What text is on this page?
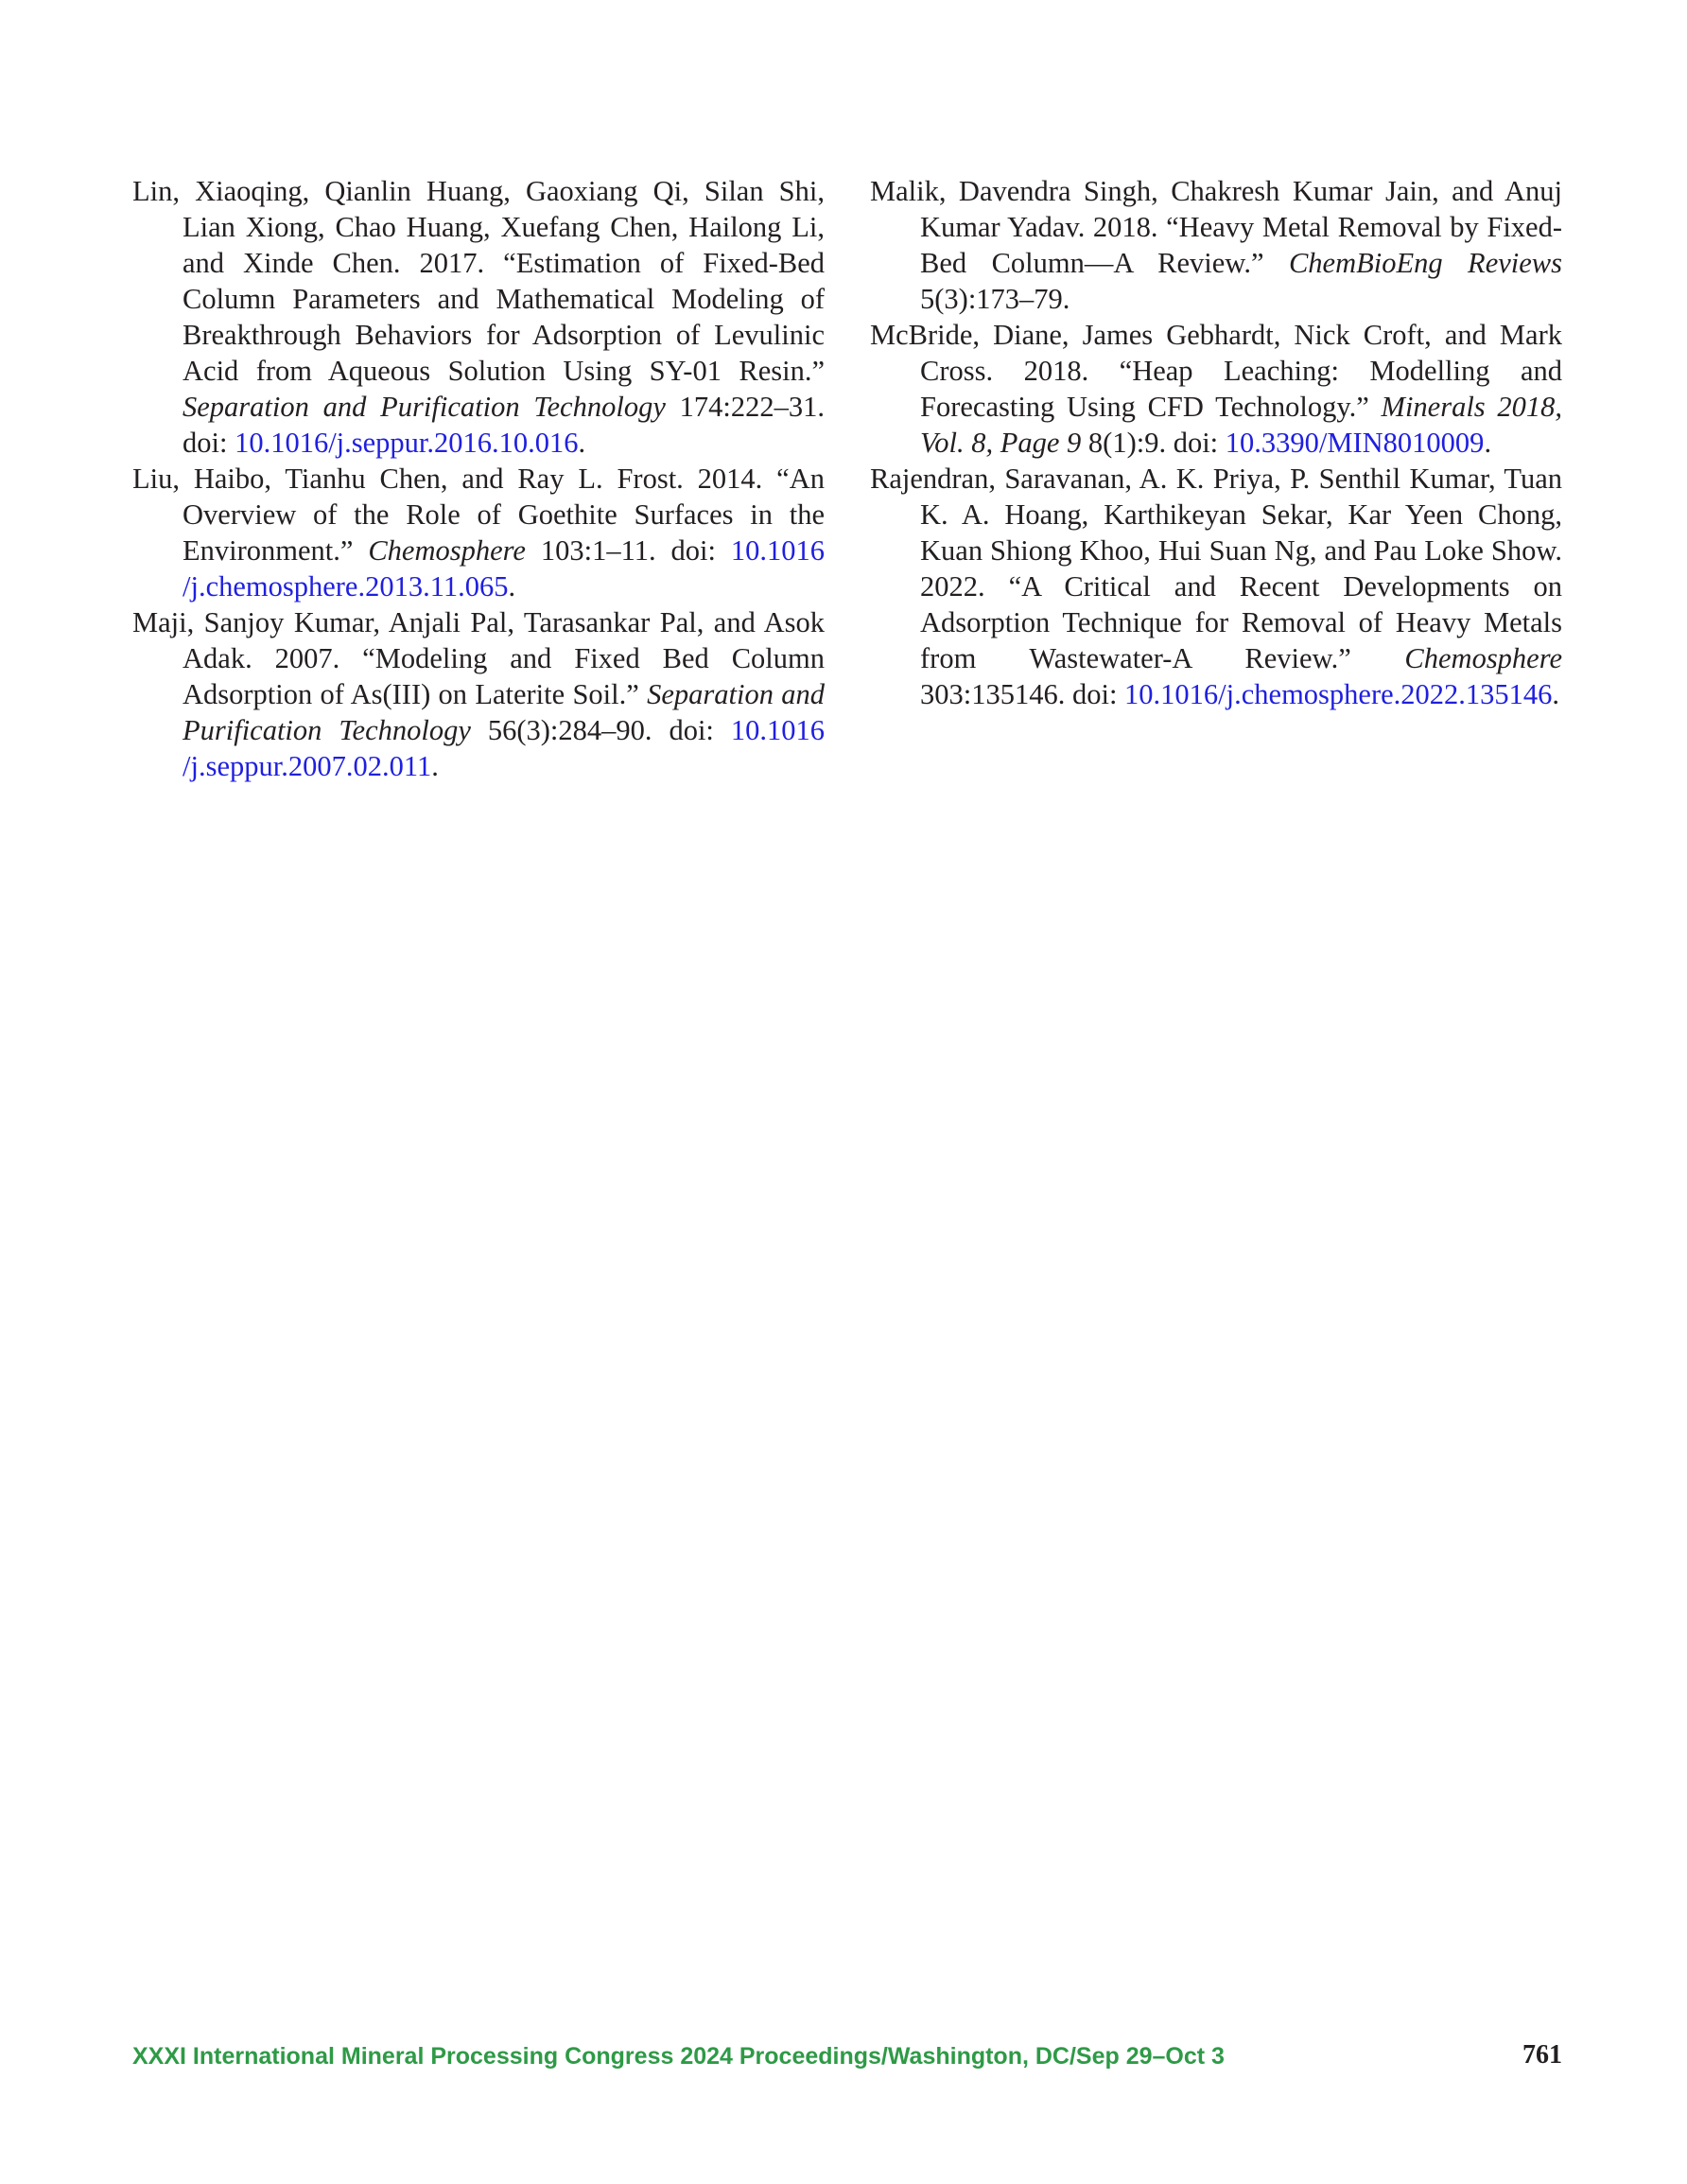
Lin, Xiaoqing, Qianlin Huang, Gaoxiang Qi, Silan Shi, Lian Xiong, Chao Huang, Xuefang Chen, Hailong Li, and Xinde Chen. 2017. “Estimation of Fixed-Bed Column Parameters and Mathematical Modeling of Breakthrough Behaviors for Adsorption of Levulinic Acid from Aqueous Solution Using SY-01 Resin.” Separation and Purification Technology 174:222–31. doi: 10.1016/j.seppur.2016.10.016.

Liu, Haibo, Tianhu Chen, and Ray L. Frost. 2014. “An Overview of the Role of Goethite Surfaces in the Environment.” Chemosphere 103:1–11. doi: 10.1016 /j.chemosphere.2013.11.065.

Maji, Sanjoy Kumar, Anjali Pal, Tarasankar Pal, and Asok Adak. 2007. “Modeling and Fixed Bed Column Adsorption of As(III) on Laterite Soil.” Separation and Purification Technology 56(3):284–90. doi: 10.1016 /j.seppur.2007.02.011.

Malik, Davendra Singh, Chakresh Kumar Jain, and Anuj Kumar Yadav. 2018. “Heavy Metal Removal by Fixed-Bed Column—A Review.” ChemBioEng Reviews 5(3):173–79.

McBride, Diane, James Gebhardt, Nick Croft, and Mark Cross. 2018. “Heap Leaching: Modelling and Forecasting Using CFD Technology.” Minerals 2018, Vol. 8, Page 9 8(1):9. doi: 10.3390/MIN8010009.

Rajendran, Saravanan, A. K. Priya, P. Senthil Kumar, Tuan K. A. Hoang, Karthikeyan Sekar, Kar Yeen Chong, Kuan Shiong Khoo, Hui Suan Ng, and Pau Loke Show. 2022. “A Critical and Recent Developments on Adsorption Technique for Removal of Heavy Metals from Wastewater-A Review.” Chemosphere 303:135146. doi: 10.1016/j.chemosphere.2022.135146.

XXXI International Mineral Processing Congress 2024 Proceedings/Washington, DC/Sep 29–Oct 3	761
